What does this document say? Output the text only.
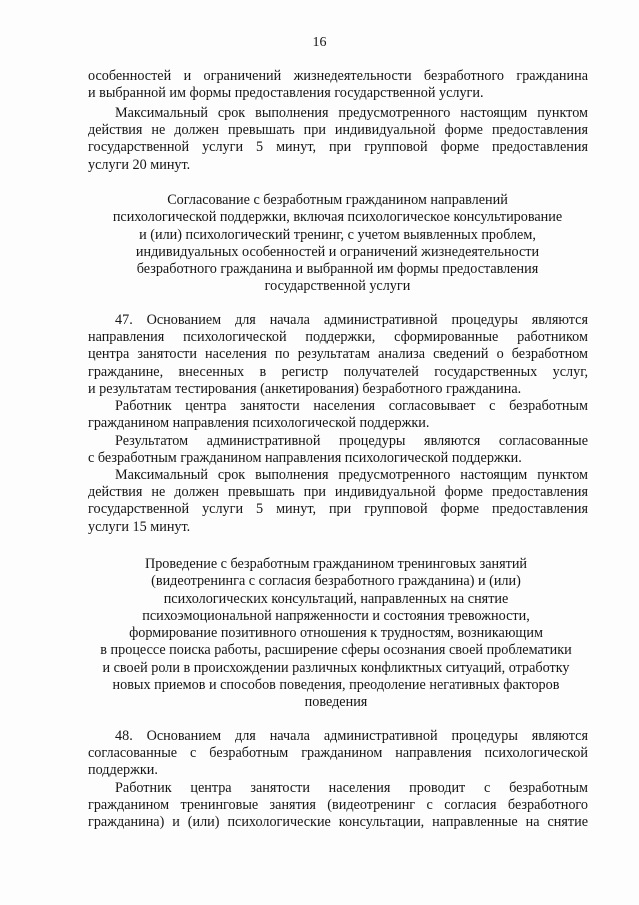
16
особенностей и ограничений жизнедеятельности безработного гражданина
и выбранной им формы предоставления государственной услуги.
Максимальный срок выполнения предусмотренного настоящим пунктом
действия не должен превышать при индивидуальной форме предоставления
государственной услуги 5 минут, при групповой форме предоставления
услуги 20 минут.
Согласование с безработным гражданином направлений
психологической поддержки, включая психологическое консультирование
и (или) психологический тренинг, с учетом выявленных проблем,
индивидуальных особенностей и ограничений жизнедеятельности
безработного гражданина и выбранной им формы предоставления
государственной услуги
47. Основанием для начала административной процедуры являются
направления психологической поддержки, сформированные работником
центра занятости населения по результатам анализа сведений о безработном
гражданине, внесенных в регистр получателей государственных услуг,
и результатам тестирования (анкетирования) безработного гражданина.
Работник центра занятости населения согласовывает с безработным
гражданином направления психологической поддержки.
Результатом административной процедуры являются согласованные
с безработным гражданином направления психологической поддержки.
Максимальный срок выполнения предусмотренного настоящим пунктом
действия не должен превышать при индивидуальной форме предоставления
государственной услуги 5 минут, при групповой форме предоставления
услуги 15 минут.
Проведение с безработным гражданином тренинговых занятий
(видеотренинга с согласия безработного гражданина) и (или)
психологических консультаций, направленных на снятие
психоэмоциональной напряженности и состояния тревожности,
формирование позитивного отношения к трудностям, возникающим
в процессе поиска работы, расширение сферы осознания своей проблематики
и своей роли в происхождении различных конфликтных ситуаций, отработку
новых приемов и способов поведения, преодоление негативных факторов
поведения
48. Основанием для начала административной процедуры являются
согласованные с безработным гражданином направления психологической
поддержки.
Работник центра занятости населения проводит с безработным
гражданином тренинговые занятия (видеотренинг с согласия безработного
гражданина) и (или) психологические консультации, направленные на снятие
